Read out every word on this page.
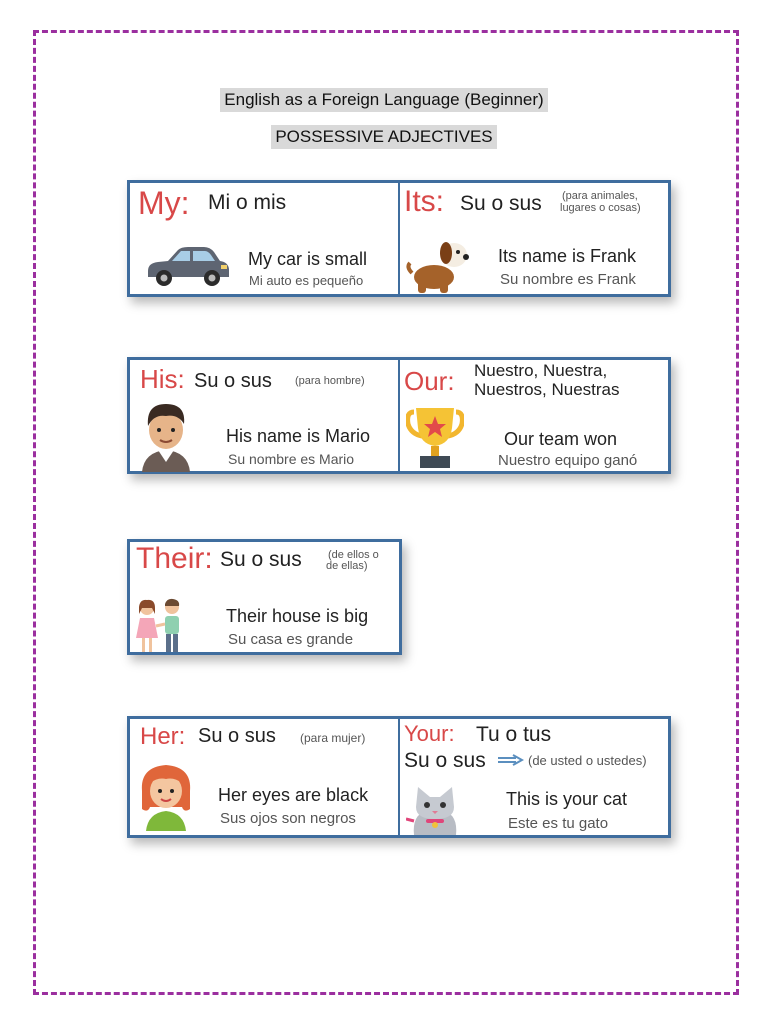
English as a Foreign Language (Beginner)
POSSESSIVE ADJECTIVES
My: Mi o mis
My car is small
Mi auto es pequeño
Its: Su o sus (para animales,
lugares o cosas)
Its name is Frank
Su nombre es Frank
His: Su o sus (para hombre)
His name is Mario
Su nombre es Mario
Our: Nuestro, Nuestra,
Nuestros, Nuestras
Our team won
Nuestro equipo ganó
Their: Su o sus (de ellos o
de ellas)
Their house is big
Su casa es grande
Her: Su o sus (para mujer)
Her eyes are black
Sus ojos son negros
Your: Tu o tus
Su o sus	(de usted o ustedes)
This is your cat
Este es tu gato
